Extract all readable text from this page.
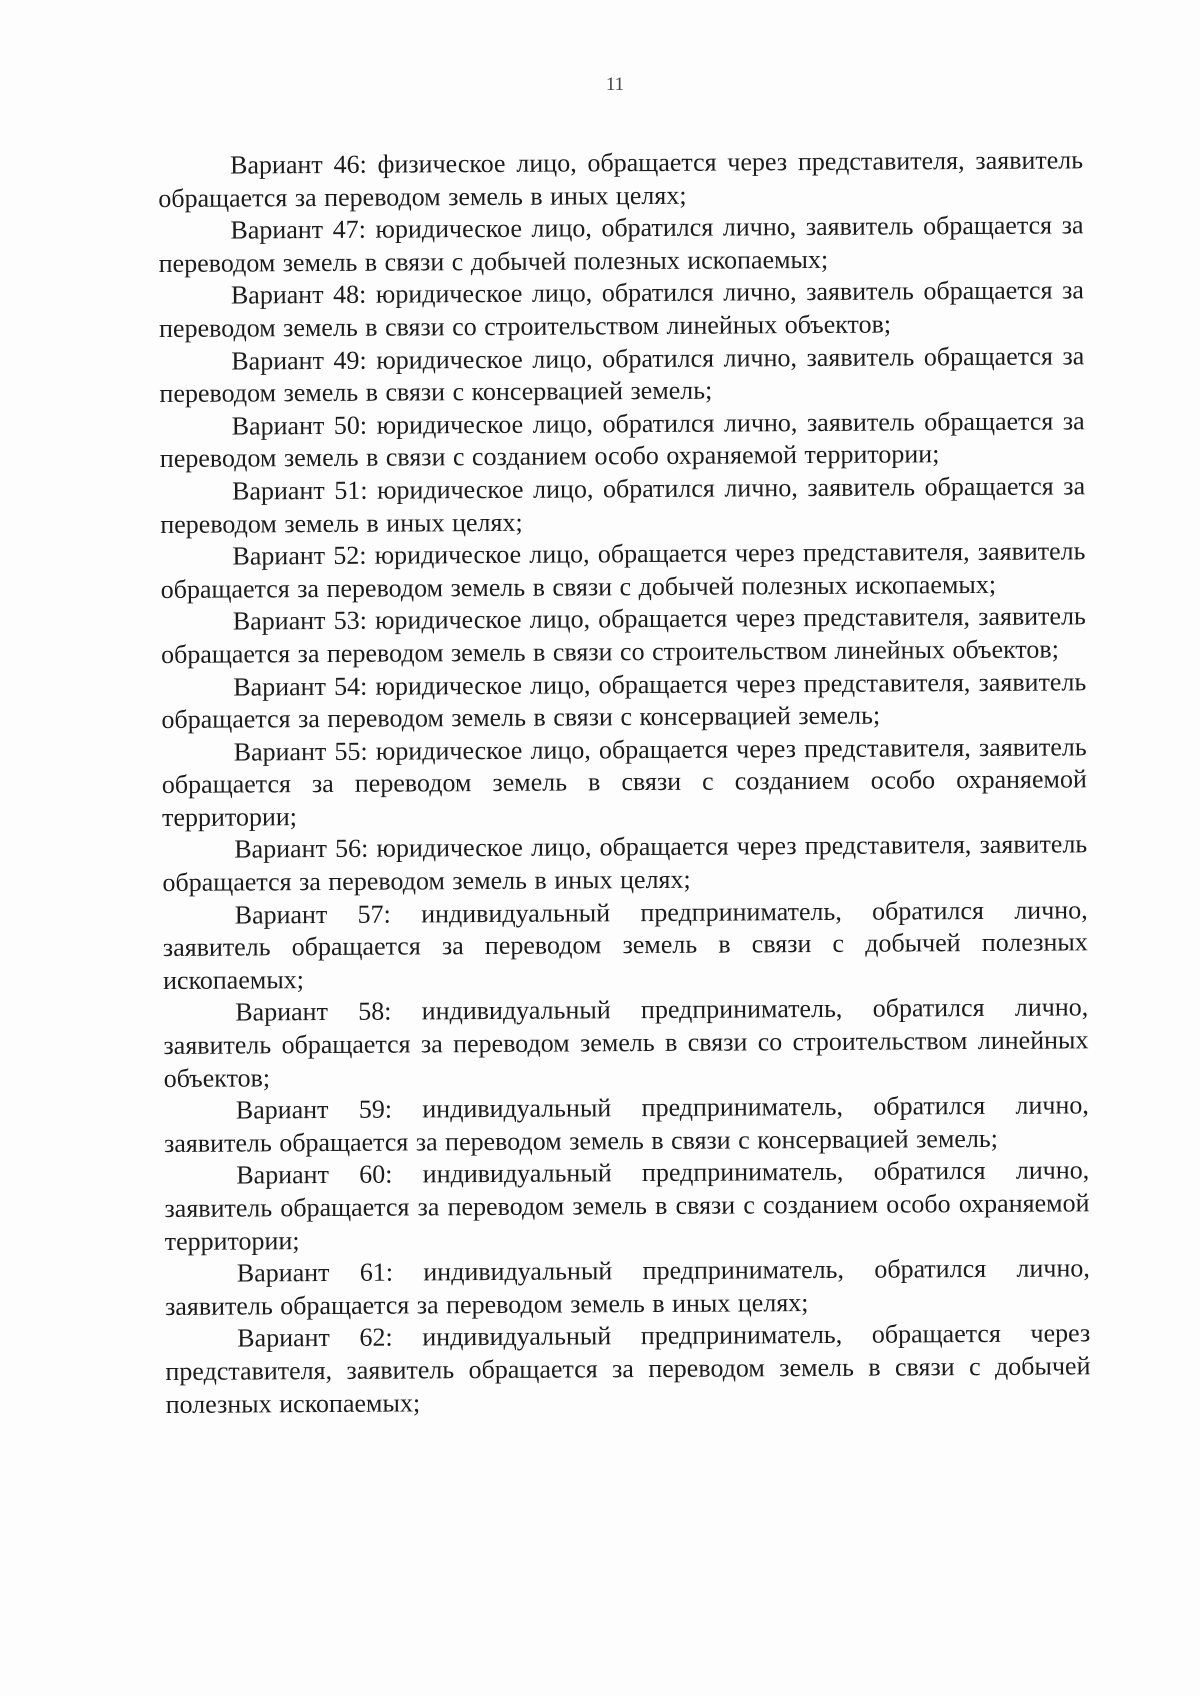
11

Вариант 46: физическое лицо, обращается через представителя, заявитель обращается за переводом земель в иных целях;

Вариант 47: юридическое лицо, обратился лично, заявитель обращается за переводом земель в связи с добычей полезных ископаемых;

Вариант 48: юридическое лицо, обратился лично, заявитель обращается за переводом земель в связи со строительством линейных объектов;

Вариант 49: юридическое лицо, обратился лично, заявитель обращается за переводом земель в связи с консервацией земель;

Вариант 50: юридическое лицо, обратился лично, заявитель обращается за переводом земель в связи с созданием особо охраняемой территории;

Вариант 51: юридическое лицо, обратился лично, заявитель обращается за переводом земель в иных целях;

Вариант 52: юридическое лицо, обращается через представителя, заявитель обращается за переводом земель в связи с добычей полезных ископаемых;

Вариант 53: юридическое лицо, обращается через представителя, заявитель обращается за переводом земель в связи со строительством линейных объектов;

Вариант 54: юридическое лицо, обращается через представителя, заявитель обращается за переводом земель в связи с консервацией земель;

Вариант 55: юридическое лицо, обращается через представителя, заявитель обращается за переводом земель в связи с созданием особо охраняемой территории;

Вариант 56: юридическое лицо, обращается через представителя, заявитель обращается за переводом земель в иных целях;

Вариант 57: индивидуальный предприниматель, обратился лично, заявитель обращается за переводом земель в связи с добычей полезных ископаемых;

Вариант 58: индивидуальный предприниматель, обратился лично, заявитель обращается за переводом земель в связи со строительством линейных объектов;

Вариант 59: индивидуальный предприниматель, обратился лично, заявитель обращается за переводом земель в связи с консервацией земель;

Вариант 60: индивидуальный предприниматель, обратился лично, заявитель обращается за переводом земель в связи с созданием особо охраняемой территории;

Вариант 61: индивидуальный предприниматель, обратился лично, заявитель обращается за переводом земель в иных целях;

Вариант 62: индивидуальный предприниматель, обращается через представителя, заявитель обращается за переводом земель в связи с добычей полезных ископаемых;
